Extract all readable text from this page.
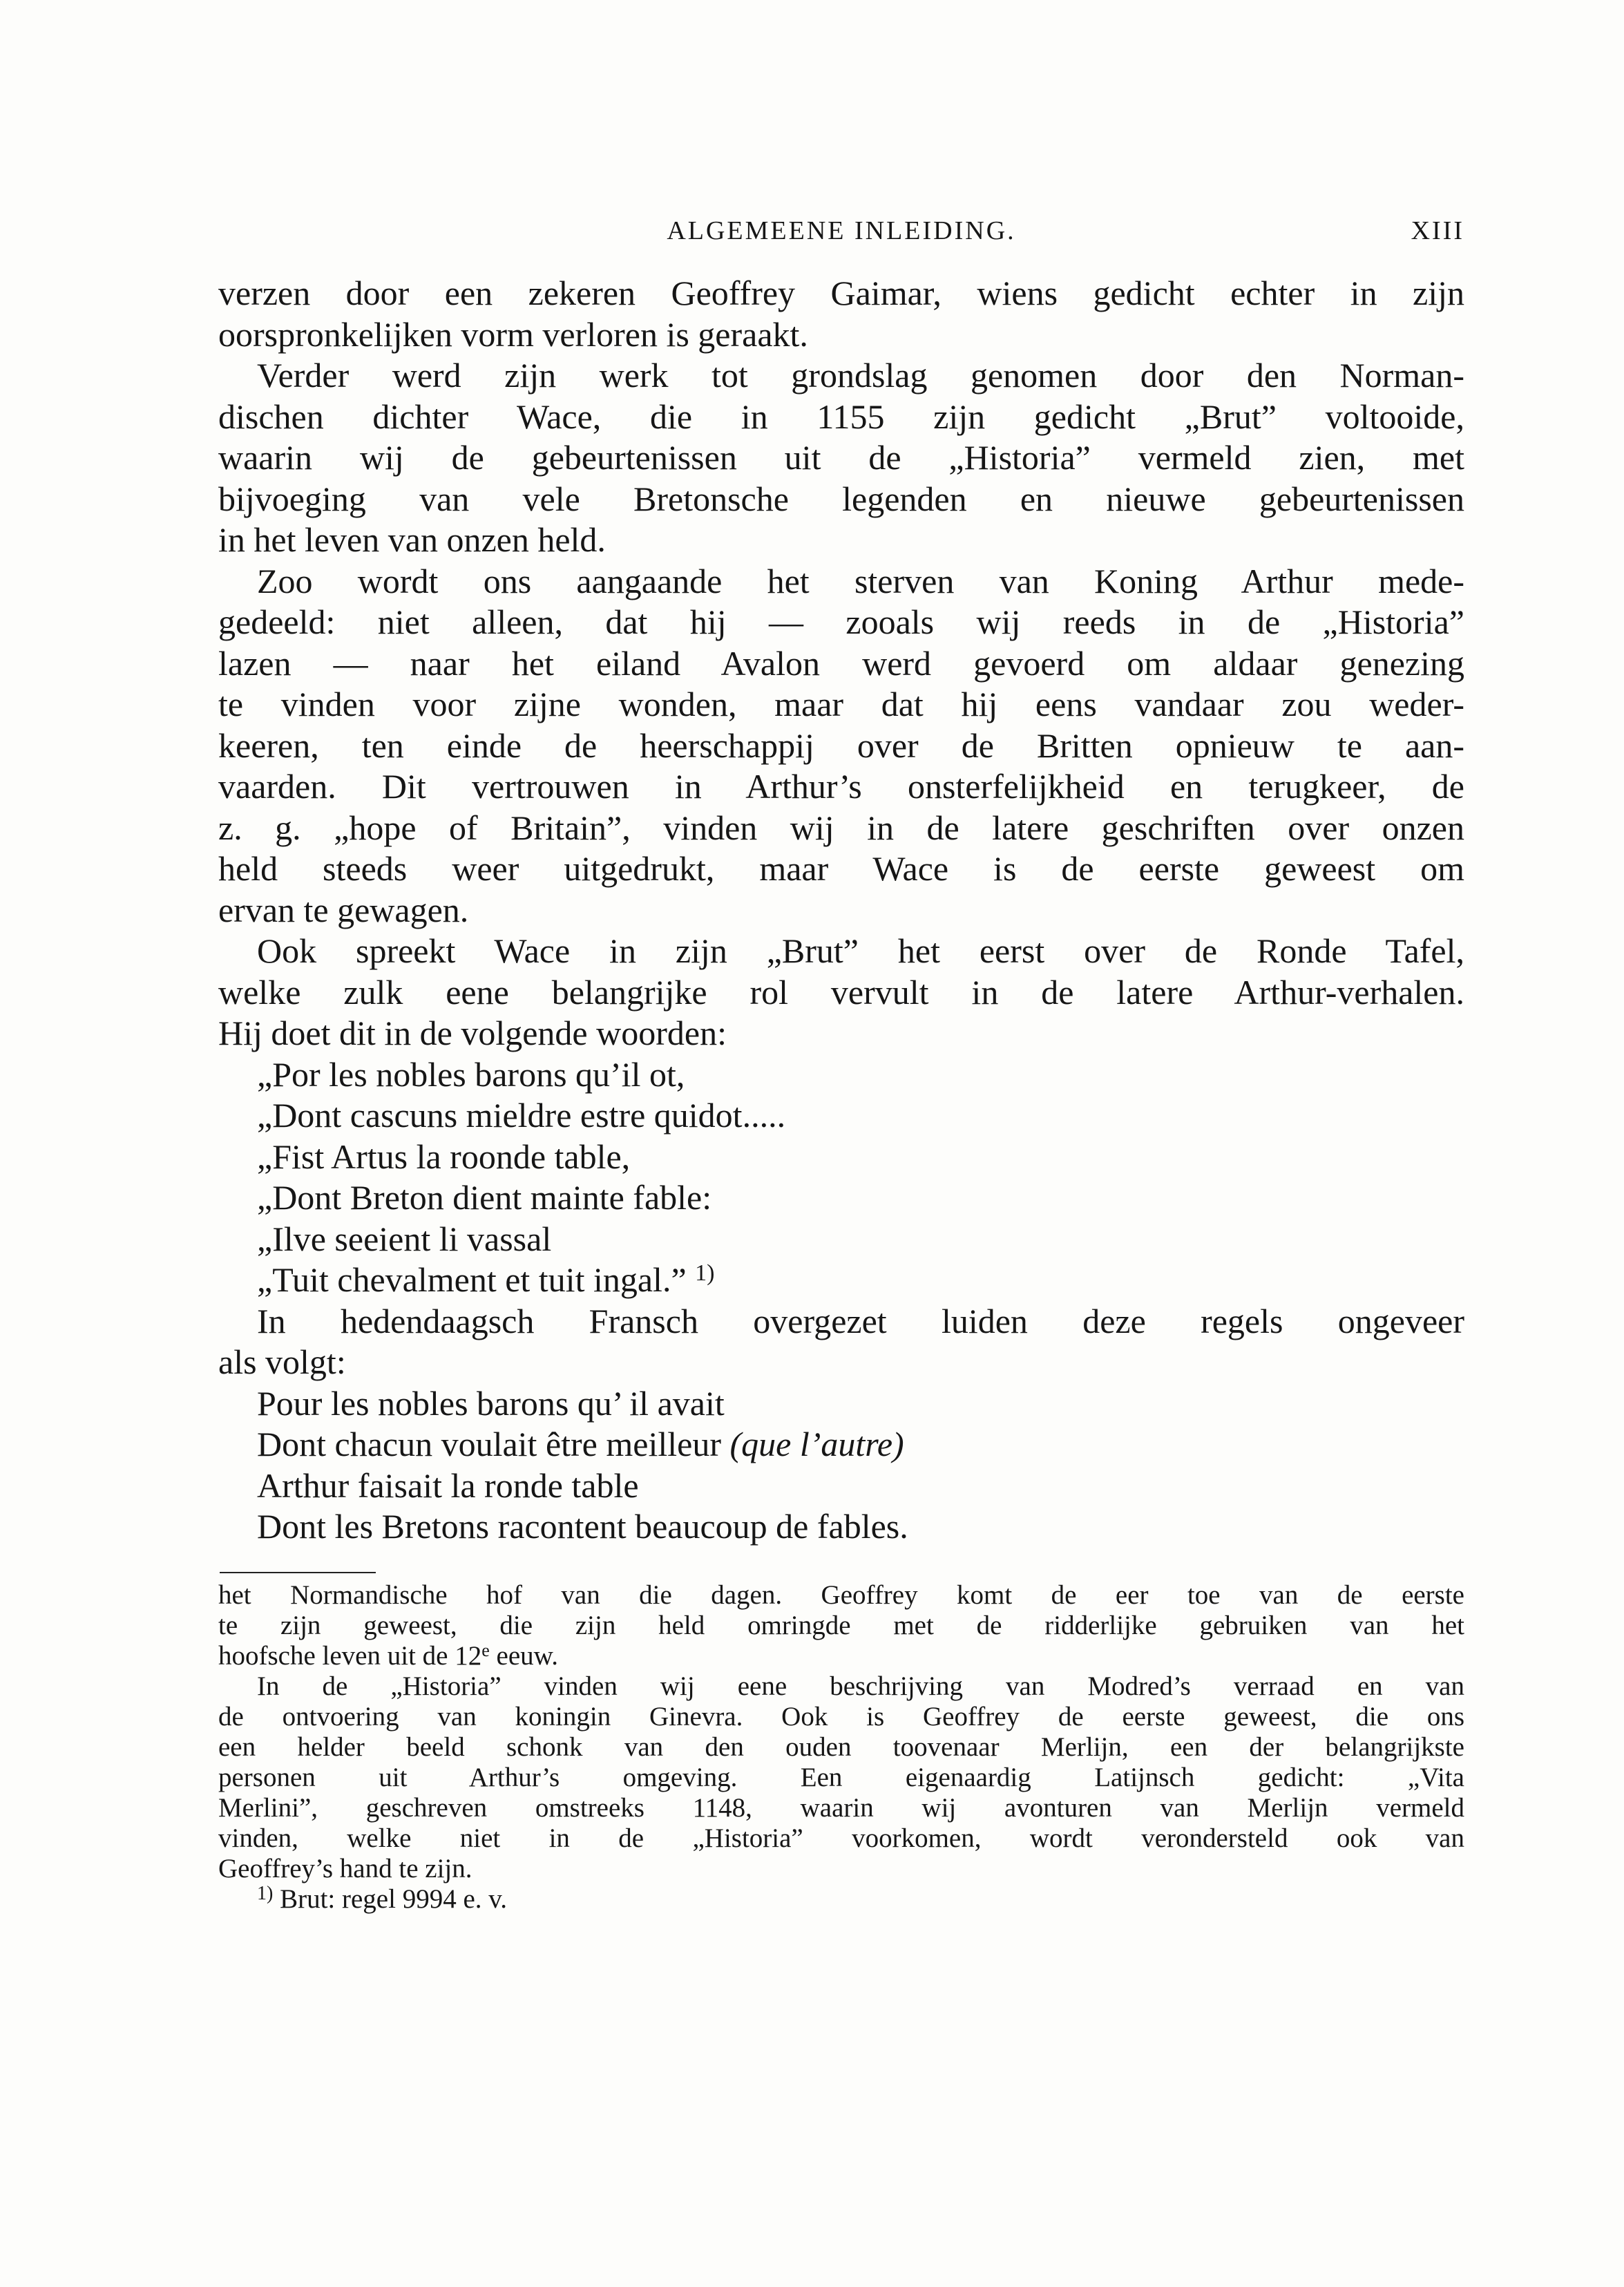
ALGEMEENE INLEIDING.	XIII
verzen door een zekeren Geoffrey Gaimar, wiens gedicht echter in zijn
oorspronkelijken vorm verloren is geraakt.
Verder werd zijn werk tot grondslag genomen door den Norman-
dischen dichter Wace, die in 1155 zijn gedicht „Brut” voltooide,
waarin wij de gebeurtenissen uit de „Historia” vermeld zien, met
bijvoeging van vele Bretonsche legenden en nieuwe gebeurtenissen
in het leven van onzen held.
Zoo wordt ons aangaande het sterven van Koning Arthur mede-
gedeeld: niet alleen, dat hij — zooals wij reeds in de „Historia”
lazen — naar het eiland Avalon werd gevoerd om aldaar genezing
te vinden voor zijne wonden, maar dat hij eens vandaar zou weder-
keeren, ten einde de heerschappij over de Britten opnieuw te aan-
vaarden. Dit vertrouwen in Arthur’s onsterfelijkheid en terugkeer, de
z. g. „hope of Britain”, vinden wij in de latere geschriften over onzen
held steeds weer uitgedrukt, maar Wace is de eerste geweest om
ervan te gewagen.
Ook spreekt Wace in zijn „Brut” het eerst over de Ronde Tafel,
welke zulk eene belangrijke rol vervult in de latere Arthur-verhalen.
Hij doet dit in de volgende woorden:
„Por les nobles barons qu’il ot,
„Dont cascuns mieldre estre quidot.....
„Fist Artus la roonde table,
„Dont Breton dient mainte fable:
„Ilve seeient li vassal
„Tuit chevalment et tuit ingal.” $^{1)}$
In hedendaagsch Fransch overgezet luiden deze regels ongeveer
als volgt:
Pour les nobles barons qu’ il avait
Dont chacun voulait être meilleur (que l’autre)
Arthur faisait la ronde table
Dont les Bretons racontent beaucoup de fables.
het Normandische hof van die dagen. Geoffrey komt de eer toe van de eerste
te zijn geweest, die zijn held omringde met de ridderlijke gebruiken van het
hoofsche leven uit de 12e eeuw.
In de „Historia” vinden wij eene beschrijving van Modred’s verraad en van
de ontvoering van koningin Ginevra. Ook is Geoffrey de eerste geweest, die ons
een helder beeld schonk van den ouden toovenaar Merlijn, een der belangrijkste
personen uit Arthur’s omgeving. Een eigenaardig Latijnsch gedicht: „Vita
Merlini”, geschreven omstreeks 1148, waarin wij avonturen van Merlijn vermeld
vinden, welke niet in de „Historia” voorkomen, wordt verondersteld ook van
Geoffrey’s hand te zijn.
$^{1)}$ Brut: regel 9994 e. v.
